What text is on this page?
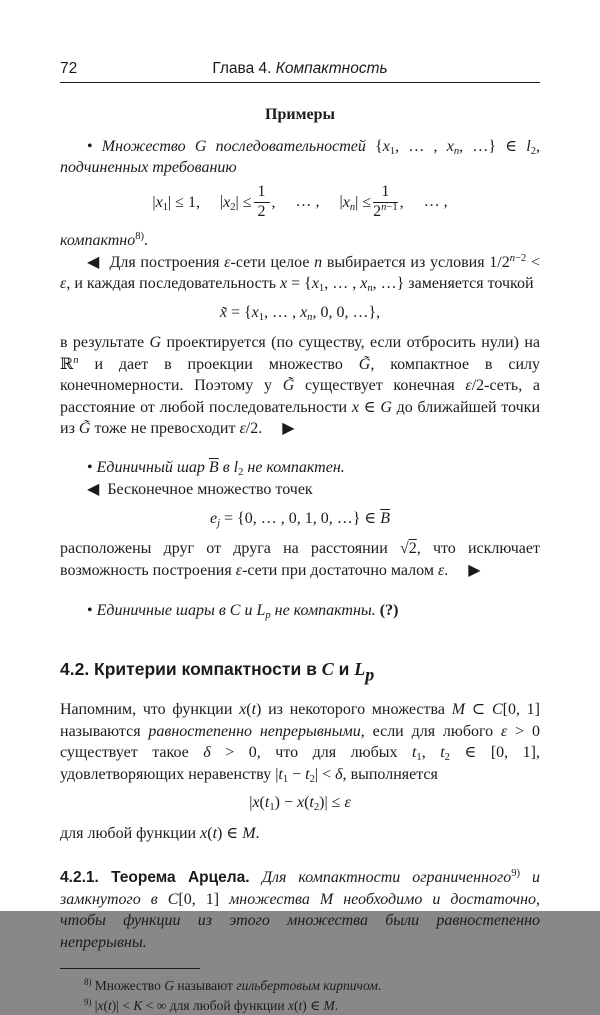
72	Глава 4. Компактность
Примеры
• Множество G последовательностей {$x_1$, … , $x_n$, …} ∈ $l_2$, подчиненных требованию
$|x_1| \le 1$, $|x_2| \le \frac{1}{2}$ , … , $|x_n| \le \frac{1}{2^{n-1}}$ , … ,
компактно$^{8)}$.
◀  Для построения ε-сети целое n выбирается из условия $1/2^{n-2} < \varepsilon$, и каждая последовательность $x = \{x_1$, … , $x_n$, …} заменяется точкой
x̃ = {$x_1$, … , $x_n$, 0, 0, …},
в результате G проектируется (по существу, если отбросить нули) на ℝ$^n$ и дает в проекции множество G̃, компактное в силу конечномерности. Поэтому у G̃ существует конечная ε/2-сеть, а расстояние от любой последовательности x ∈ G до ближайшей точки из G̃ тоже не превосходит ε/2. ▶
• Единичный шар $\overline{B}$ в $l_2$ не компактен.
◀  Бесконечное множество точек
$e_j = \{0$, … , 0, 1, 0, …} ∈ $\overline{B}$
расположены друг от друга на расстоянии √2, что исключает возможность построения ε-сети при достаточно малом ε. ▶
• Единичные шары в C и $L_p$ не компактны. (?)
4.2. Критерии компактности в C и Lp
Напомним, что функции x(t) из некоторого множества M ⊂ C[0, 1] называются равностепенно непрерывными, если для любого ε > 0 существует такое δ > 0, что для любых $t_1$, $t_2$ ∈ [0, 1], удовлетворяющих неравенству $|t_1 - t_2| < \delta$, выполняется
$|x(t_1) - x(t_2)| \le \varepsilon$
для любой функции x(t) ∈ M.
4.2.1. Теорема Арцела. Для компактности ограниченного$^{9)}$ и замкнутого в C[0, 1] множества M необходимо и достаточно, чтобы функции из этого множества были равностепенно непрерывны.
$^{8)}$ Множество G называют гильбертовым кирпичом.
$^{9)}$ |x(t)| < K < ∞ для любой функции x(t) ∈ M.
